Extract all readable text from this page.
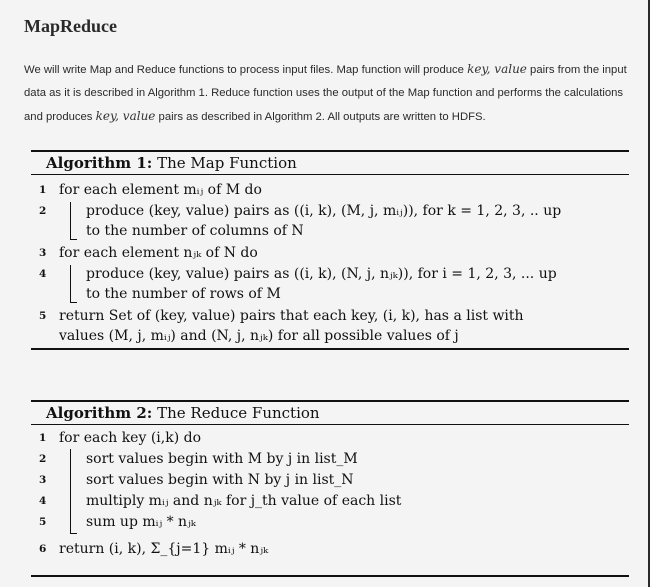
MapReduce

We will write Map and Reduce functions to process input files. Map function will produce key, value pairs from the input data as it is described in Algorithm 1. Reduce function uses the output of the Map function and performs the calculations and produces key, value pairs as described in Algorithm 2. All outputs are written to HDFS.

Algorithm 1: The Map Function
1 for each element mᵢⱼ of M do
2	produce (key, value) pairs as ((i, k), (M, j, mᵢⱼ)), for k = 1, 2, 3, .. up
to the number of columns of N
3 for each element nⱼₖ of N do
4	produce (key, value) pairs as ((i, k), (N, j, nⱼₖ)), for i = 1, 2, 3, ... up
to the number of rows of M
5 return Set of (key, value) pairs that each key, (i, k), has a list with
values (M, j, mᵢⱼ) and (N, j, nⱼₖ) for all possible values of j
Algorithm 2: The Reduce Function
1 for each key (i,k) do
2	sort values begin with M by j in list_M
3	sort values begin with N by j in list_N
4	multiply mᵢⱼ and nⱼₖ for j_th value of each list
5	sum up mᵢⱼ * nⱼₖ
6 return (i, k), Σ_{j=1} mᵢⱼ * nⱼₖ
